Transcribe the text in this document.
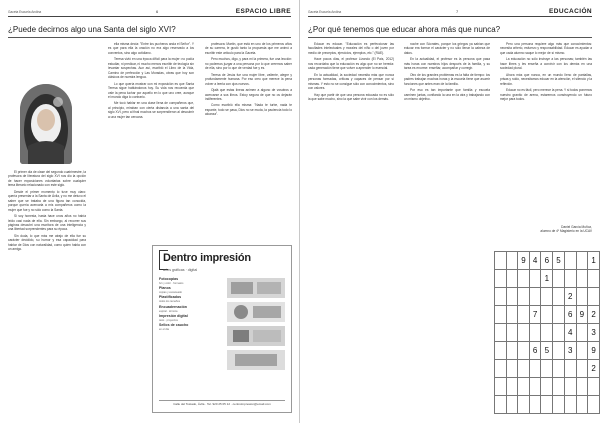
Gaceta Escuela Andina	6	ESPACIO LIBRE
¿Puede decirnos algo una Santa del siglo XVI?

El primer día de clase del segundo cuatrimestre, la profesora de literatura del siglo XVI nos dio la opción de hacer exposiciones voluntarias sobre cualquier tema literario relacionado con este siglo.

Desde el primer momento lo tuve muy claro: quería presentar a la Santa de Ávila, y no me detuvo el saber que se trataba de una figura tan conocida, porque quería acercarla a mis compañeros como la mujer que fue y no sólo como la Santa.

Si soy honesta, hasta hace unos años no había leído casi nada de ella. Sin embargo, al recorrer sus páginas descubrí una escritora de una inteligencia y una libertad sorprendentes para su época.

Sin duda, lo que más me atrajo de ella fue su carácter decidido, su humor y esa capacidad para hablar de Dios con naturalidad, como quien habla con un amigo.

ella misma decía: "Entre los pucheros anda el Señor". Y es que para ella la oración no era algo reservado a los conventos, sino algo cotidiano.

Teresa vivió en una época difícil para la mujer: no podía estudiar, ni predicar, ni mucho menos escribir de teología sin levantar sospechas. Aun así, escribió el Libro de la Vida, Camino de perfección y Las Moradas, obras que hoy son clásicos de nuestra lengua.

Lo que quería mostrar con mi exposición es que Santa Teresa sigue hablándonos hoy. Su vida nos recuerda que vale la pena luchar por aquello en lo que uno cree, aunque el mundo diga lo contrario.

Me tocó hablar en una clase llena de compañeros que, al principio, miraban con cierta distancia a una santa del siglo XVI, pero al final muchos se sorprendieron al descubrir a una mujer tan cercana.

profesora: Martín, que está en uno de los primeros años de su carrera, le gustó tanto la propuesta que me animó a escribir este artículo para la Gaceta.

Pero muchos, digo, y para mí la primera, fue una lección: no podemos juzgar a una persona por lo que creemos saber de ella, sino por lo que de verdad fue y es.

Teresa de Jesús fue una mujer libre, valiente, alegre y profundamente humana. Por eso creo que merece la pena volver a leerla con ojos nuevos.

Ojalá que estas líneas animen a alguno de vosotros a acercarse a sus libros. Estoy segura de que no os dejarán indiferentes.

Como escribió ella misma: "Nada te turbe, nada te espante, todo se pasa, Dios no se muda, la paciencia todo lo alcanza".

Gaceta Escuela Andina	7	EDUCACIÓN
¿Por qué tenemos que educar ahora más que nunca?

Educar es educar. "Educación es perfeccionar las facultades intelectuales y morales del niño o del joven por medio de preceptos, ejercicios, ejemplos, etc." (RAE).

Hace pocos días, el profesor Lizondo (El País, 2012) nos recordaba que la educación es algo que no se hereda: cada generación tiene que volver a aprender lo esencial.

En la actualidad, la sociedad necesita más que nunca personas formadas, críticas y capaces de pensar por sí mismas. Y esto no se consigue sólo con conocimientos, sino con valores.

Hay que partir de que una persona educada no es sólo la que sabe mucho, sino la que sabe vivir con los demás.

noche con Sócrates, porque los griegos ya sabían que educar era formar el carácter y no sólo llenar la cabeza de datos.

En la actualidad, el profesor es la persona que pasa más horas con nuestros hijos después de la familia, y su tarea es enorme: enseñar, acompañar y corregir.

Otro de los grandes problemas es la falta de tiempo: los padres trabajan muchas horas y la escuela tiene que asumir funciones que antes eran de la familia.

Por eso es tan importante que familia y escuela caminen juntas, confiando la una en la otra y trabajando con un mismo objetivo.

Pero una persona requiere algo más que conocimientos: necesita criterio, esfuerzo y responsabilidad. Educar es ayudar a que cada alumno saque lo mejor de sí mismo.

La educación no sólo instruye a las personas; también las hace libres y les enseña a convivir con los demás en una sociedad plural.

Ahora más que nunca, en un mundo lleno de pantallas, prisas y ruido, necesitamos educar en la atención, el silencio y la reflexión.

Educar no es fácil, pero merece la pena. Y si todos ponemos nuestro granito de arena, estaremos construyendo un futuro mejor para todos.

Daniel García Muñoz,
alumno de 4º Magisterio en la UCAV
		9	4	6	5			1
				1				
						2		
			7			6	9	2
						4		3
			6	5		3		9
								2

Dentro impresión
artes gráficas · digital
Fotocopias
b/n y color · formatos
Planos
copias y escaneado
Plastificados
todos los tamaños
Encuadernación
espiral · térmica
Impresión digital
tesis · proyectos
Sellos de caucho
en el día
Calle del Tostado, Ávila · Tel. 920 25 05 12 · centroimpresion@email.com
